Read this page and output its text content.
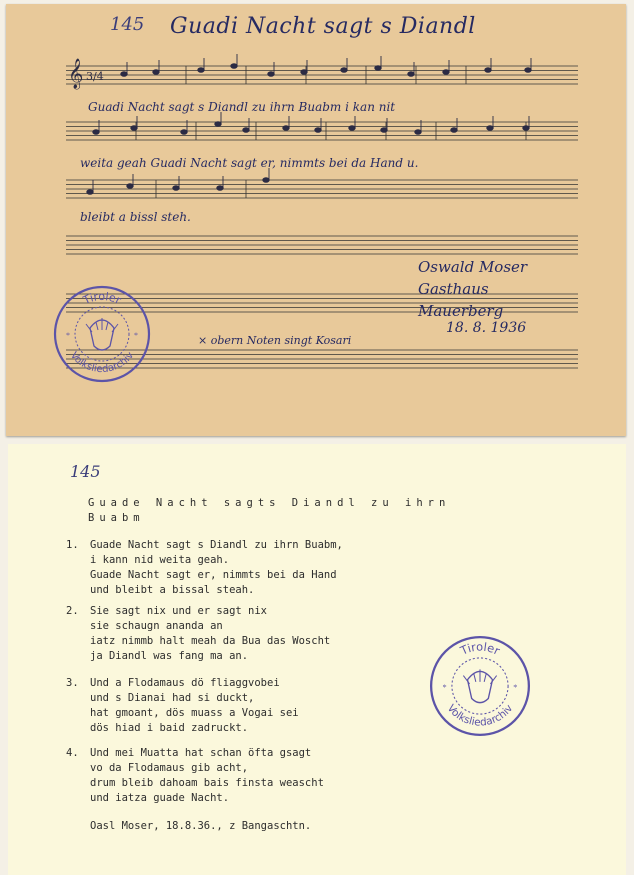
145 Guadi Nacht sagt s Diandl
𝄞 3/4
Guadi Nacht sagt s Diandl zu ihrn Buabm i kan nit
weita geah Guadi Nacht sagt er, nimmts bei da Hand u.
bleibt a bissl steh.
Oswald Moser
Gasthaus
Mauerberg
18. 8. 1936
× obern Noten singt Kosari
Tiroler
Volksliedarchiv
*	*
145
Guade Nacht sagts Diandl zu ihrn
Buabm
1. Guade Nacht sagt s Diandl zu ihrn Buabm,
i kann nid weita geah.
Guade Nacht sagt er, nimmts bei da Hand
und bleibt a bissal steah.
2. Sie sagt nix und er sagt nix
sie schaugn ananda an
iatz nimmb halt meah da Bua das Woscht
ja Diandl was fang ma an.
3. Und a Flodamaus dö fliaggvobei
und s Dianai had si duckt,
hat gmoant, dös muass a Vogai sei
dös hiad i baid zadruckt.
4. Und mei Muatta hat schan öfta gsagt
vo da Flodamaus gib acht,
drum bleib dahoam bais finsta weascht
und iatza guade Nacht.
Oasl Moser, 18.8.36., z Bangaschtn.
Tiroler
Volksliedarchiv
*	*
